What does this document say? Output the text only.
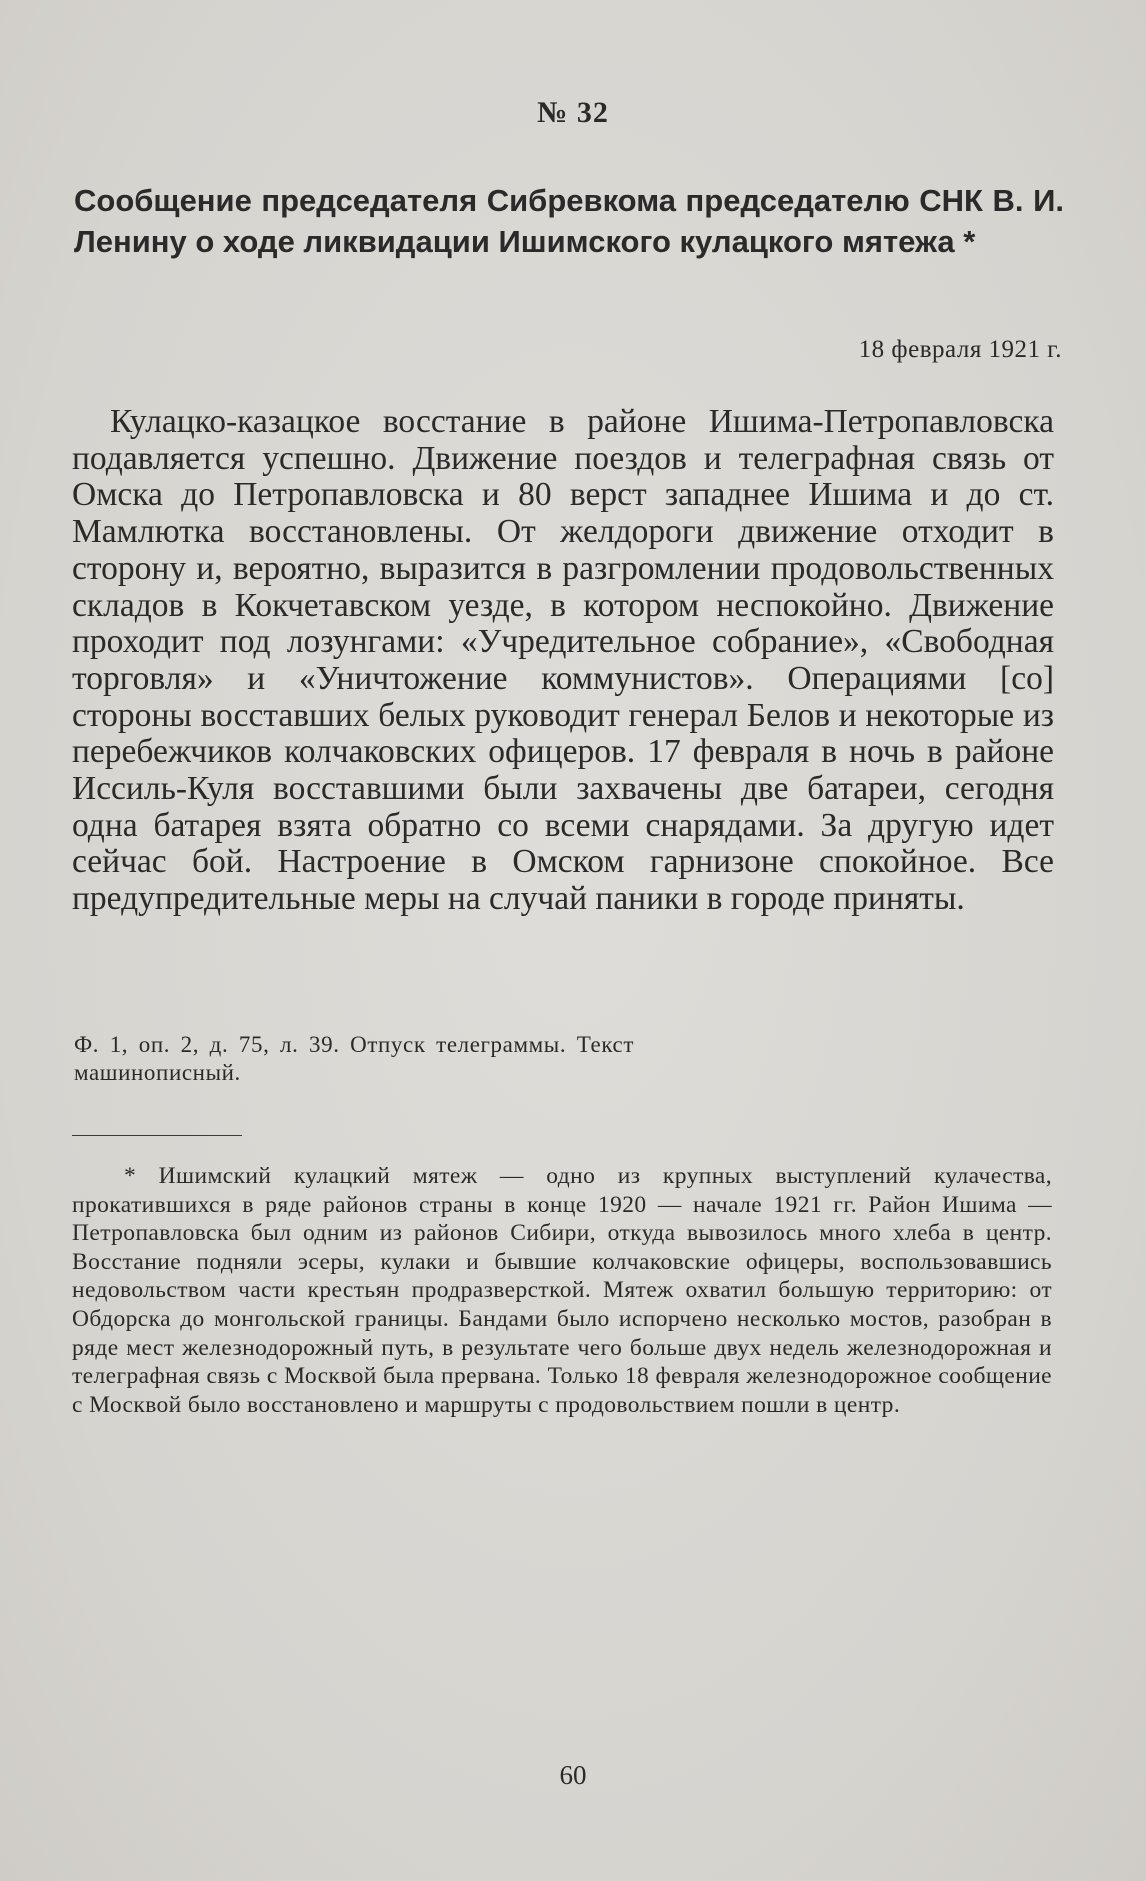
№ 32

Сообщение председателя Сибревкома председателю СНК В. И. Ленину о ходе ликвидации Ишимского кулацкого мятежа *

18 февраля 1921 г.

Кулацко-казацкое восстание в районе Ишима-Петропавловска подавляется успешно. Движение поездов и телеграфная связь от Омска до Петропавловска и 80 верст западнее Ишима и до ст. Мамлютка восстановлены. От желдороги движение отходит в сторону и, вероятно, выразится в разгромлении продовольственных складов в Кокчетавском уезде, в котором неспокойно. Движение проходит под лозунгами: «Учредительное собрание», «Свободная торговля» и «Уничтожение коммунистов». Операциями [со] стороны восставших белых руководит генерал Белов и некоторые из перебежчиков колчаковских офицеров. 17 февраля в ночь в районе Иссиль-Куля восставшими были захвачены две батареи, сегодня одна батарея взята обратно со всеми снарядами. За другую идет сейчас бой. Настроение в Омском гарнизоне спокойное. Все предупредительные меры на случай паники в городе приняты.

Ф. 1, оп. 2, д. 75, л. 39. Отпуск телеграммы. Текст машинописный.

* Ишимский кулацкий мятеж — одно из крупных выступлений кулачества, прокатившихся в ряде районов страны в конце 1920 — начале 1921 гг. Район Ишима — Петропавловска был одним из районов Сибири, откуда вывозилось много хлеба в центр. Восстание подняли эсеры, кулаки и бывшие колчаковские офицеры, воспользовавшись недовольством части крестьян продразверсткой. Мятеж охватил большую территорию: от Обдорска до монгольской границы. Бандами было испорчено несколько мостов, разобран в ряде мест железнодорожный путь, в результате чего больше двух недель железнодорожная и телеграфная связь с Москвой была прервана. Только 18 февраля железнодорожное сообщение с Москвой было восстановлено и маршруты с продовольствием пошли в центр.

60
